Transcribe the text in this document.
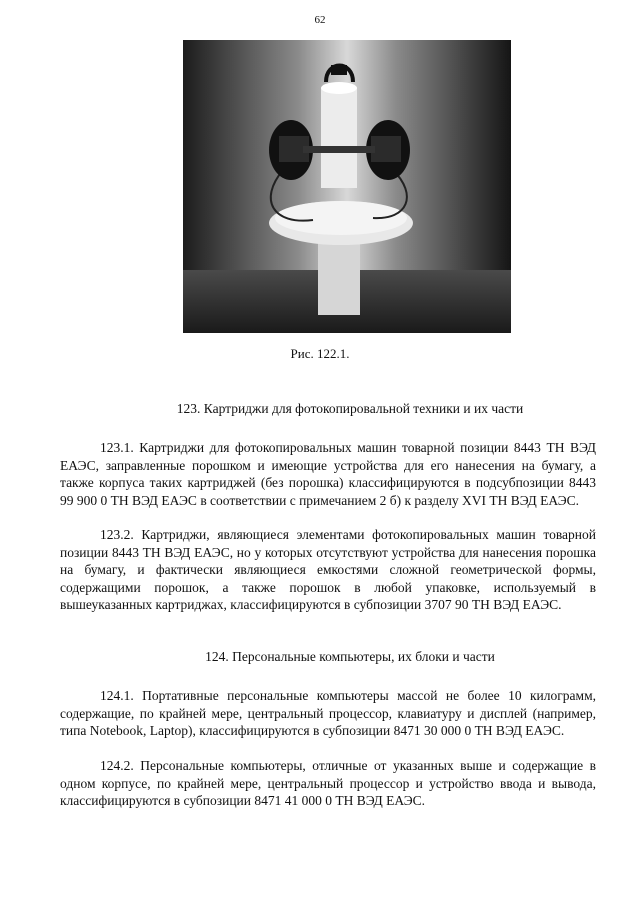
62
Рис. 122.1.
123. Картриджи для фотокопировальной техники и их части

123.1. Картриджи для фотокопировальных машин товарной позиции 8443 ТН ВЭД ЕАЭС, заправленные порошком и имеющие устройства для его нанесения на бумагу, а также корпуса таких картриджей (без порошка) классифицируются в подсубпозиции 8443 99 900 0 ТН ВЭД ЕАЭС в соответствии с примечанием 2 б) к разделу XVI ТН ВЭД ЕАЭС.

123.2. Картриджи, являющиеся элементами фотокопировальных машин товарной позиции 8443 ТН ВЭД ЕАЭС, но у которых отсутствуют устройства для нанесения порошка на бумагу, и фактически являющиеся емкостями сложной геометрической формы, содержащими порошок, а также порошок в любой упаковке, используемый в вышеуказанных картриджах, классифицируются в субпозиции 3707 90 ТН ВЭД ЕАЭС.

124. Персональные компьютеры, их блоки и части

124.1. Портативные персональные компьютеры массой не более 10 килограмм, содержащие, по крайней мере, центральный процессор, клавиатуру и дисплей (например, типа Notebook, Laptop), классифицируются в субпозиции 8471 30 000 0 ТН ВЭД ЕАЭС.

124.2. Персональные компьютеры, отличные от указанных выше и содержащие в одном корпусе, по крайней мере, центральный процессор и устройство ввода и вывода, классифицируются в субпозиции 8471 41 000 0 ТН ВЭД ЕАЭС.
